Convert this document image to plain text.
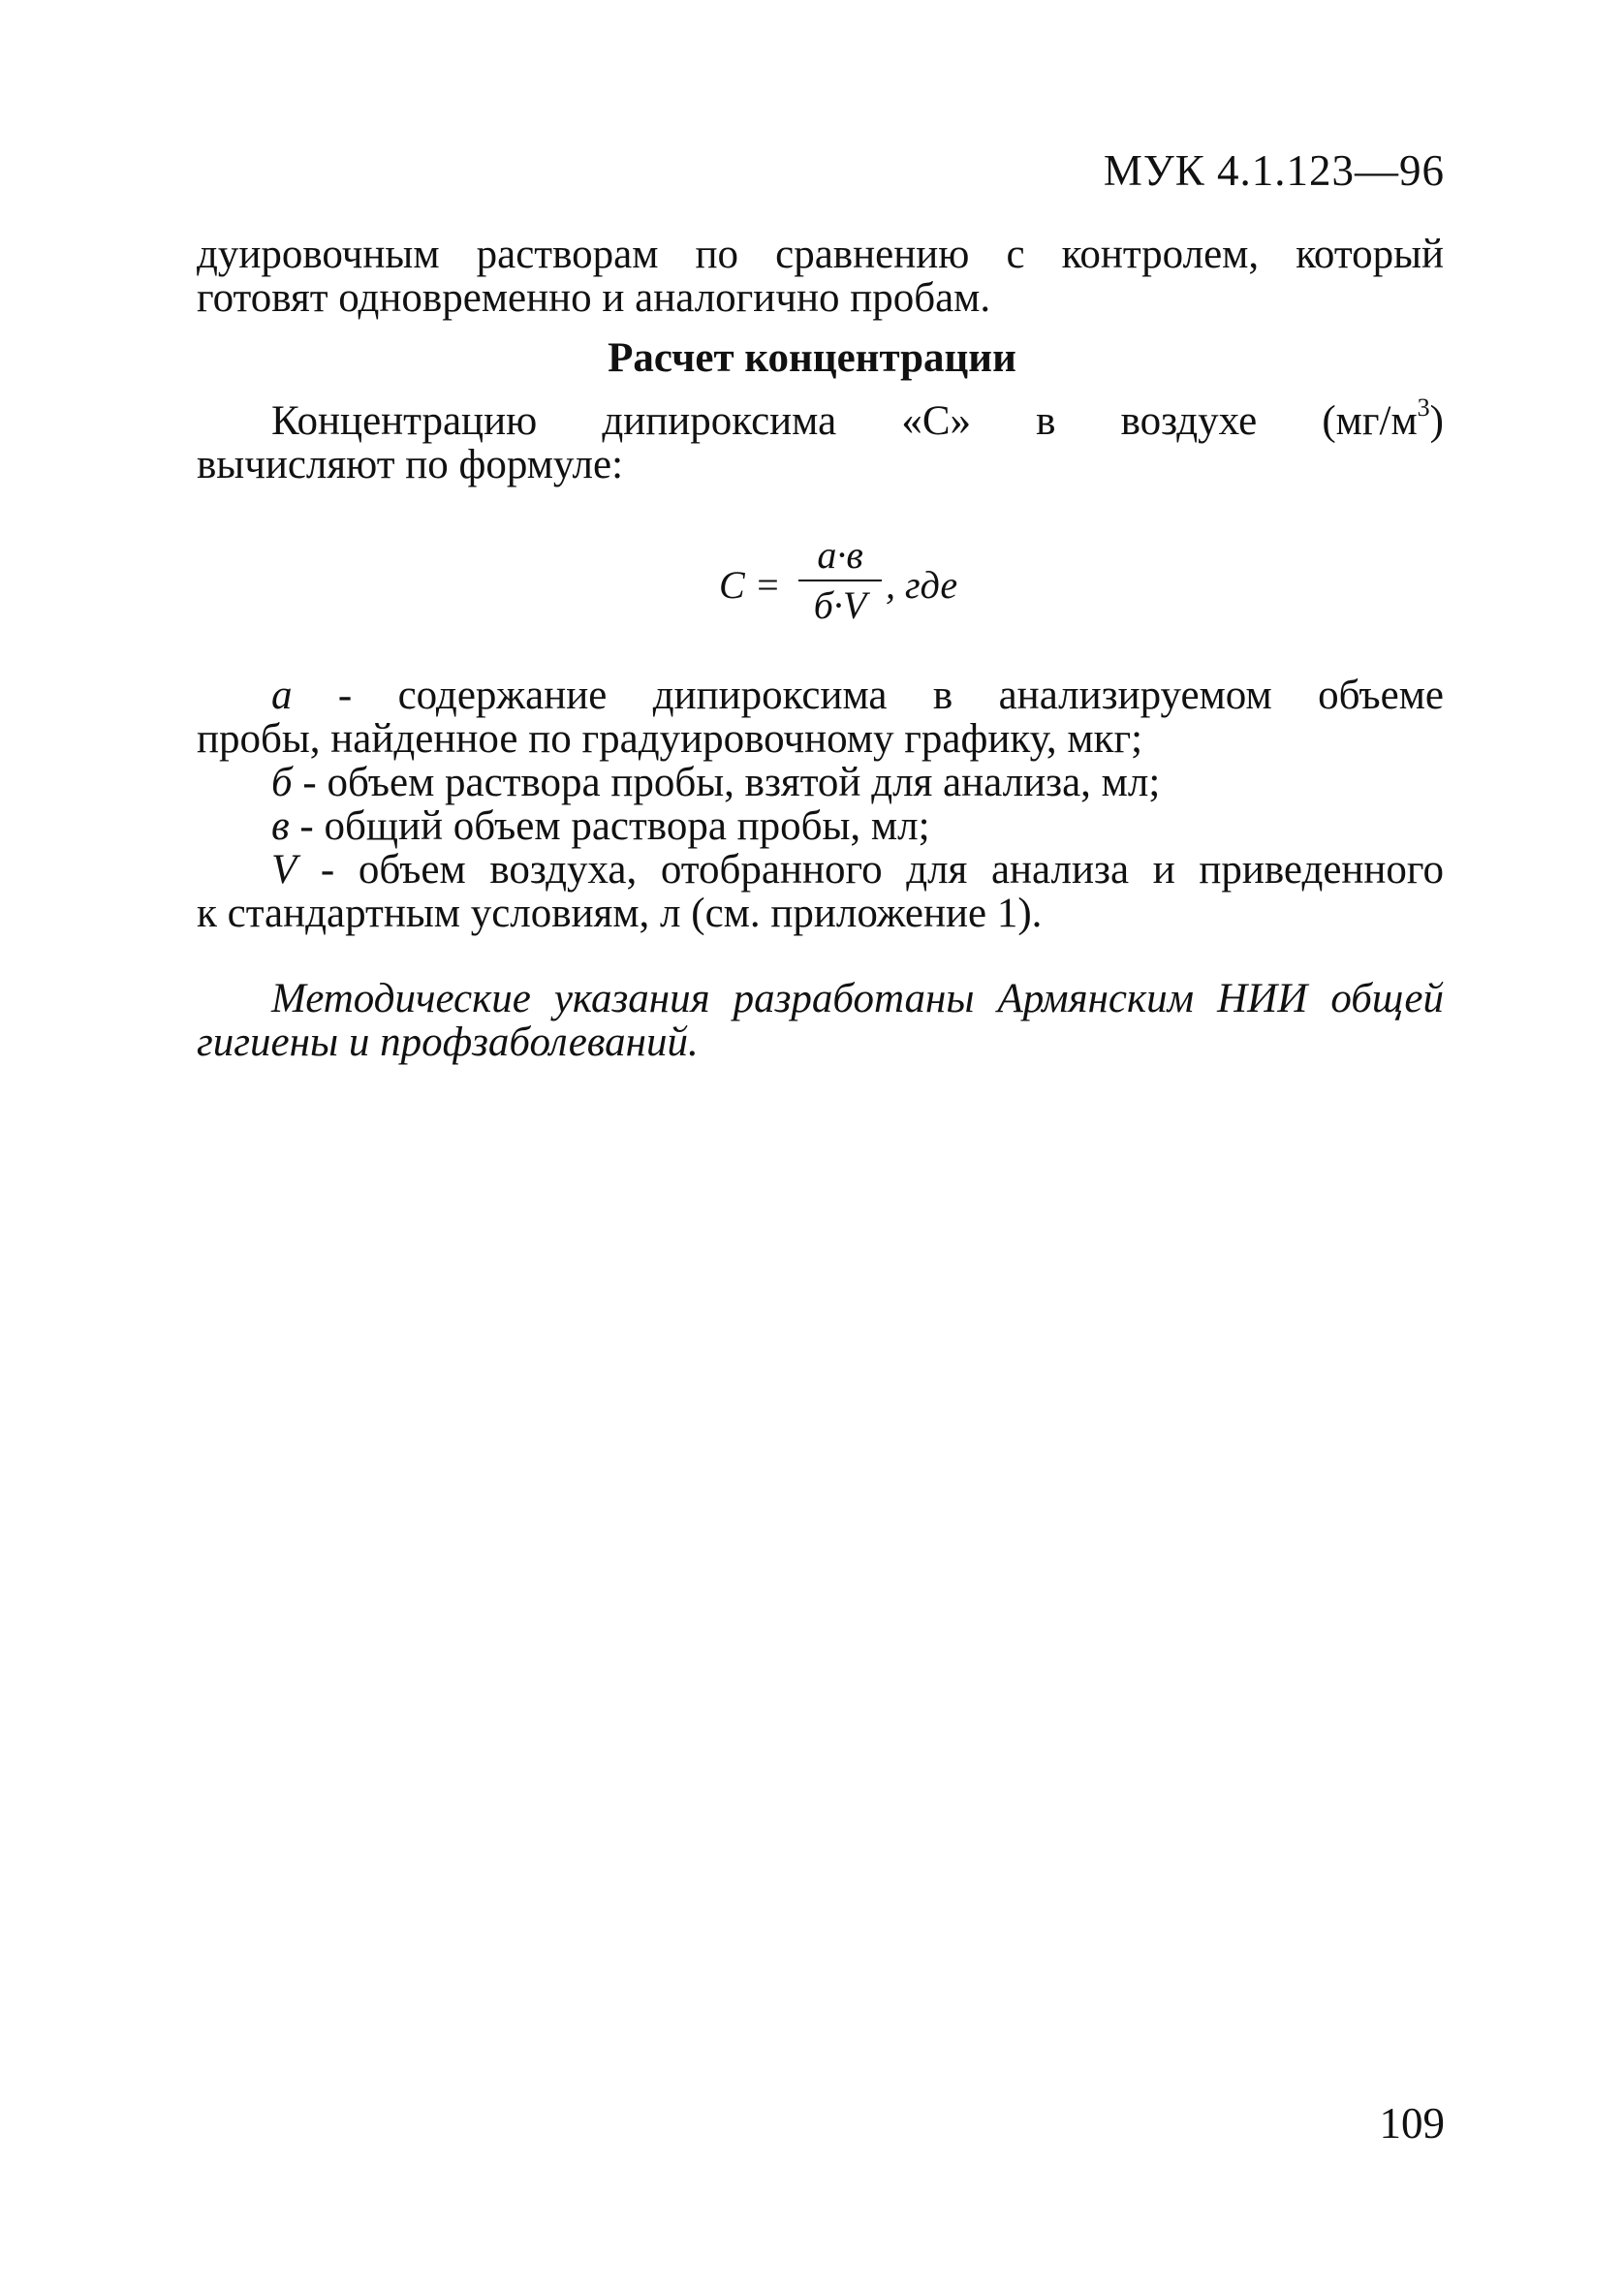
МУК 4.1.123—96
дуировочным растворам по сравнению с контролем, который
готовят одновременно и аналогично пробам.
Расчет концентрации
Концентрацию дипироксима «С» в воздухе $(мг/м^3)$
вычисляют по формуле:
С =
а·в
б·V , где
а - содержание дипироксима в анализируемом объеме
пробы, найденное по градуировочному графику, мкг;
б - объем раствора пробы, взятой для анализа, мл;
в - общий объем раствора пробы, мл;
V - объем воздуха, отобранного для анализа и приведенного
к стандартным условиям, л (см. приложение 1).
Методические указания разработаны Армянским НИИ общей
гигиены и профзаболеваний.
109
